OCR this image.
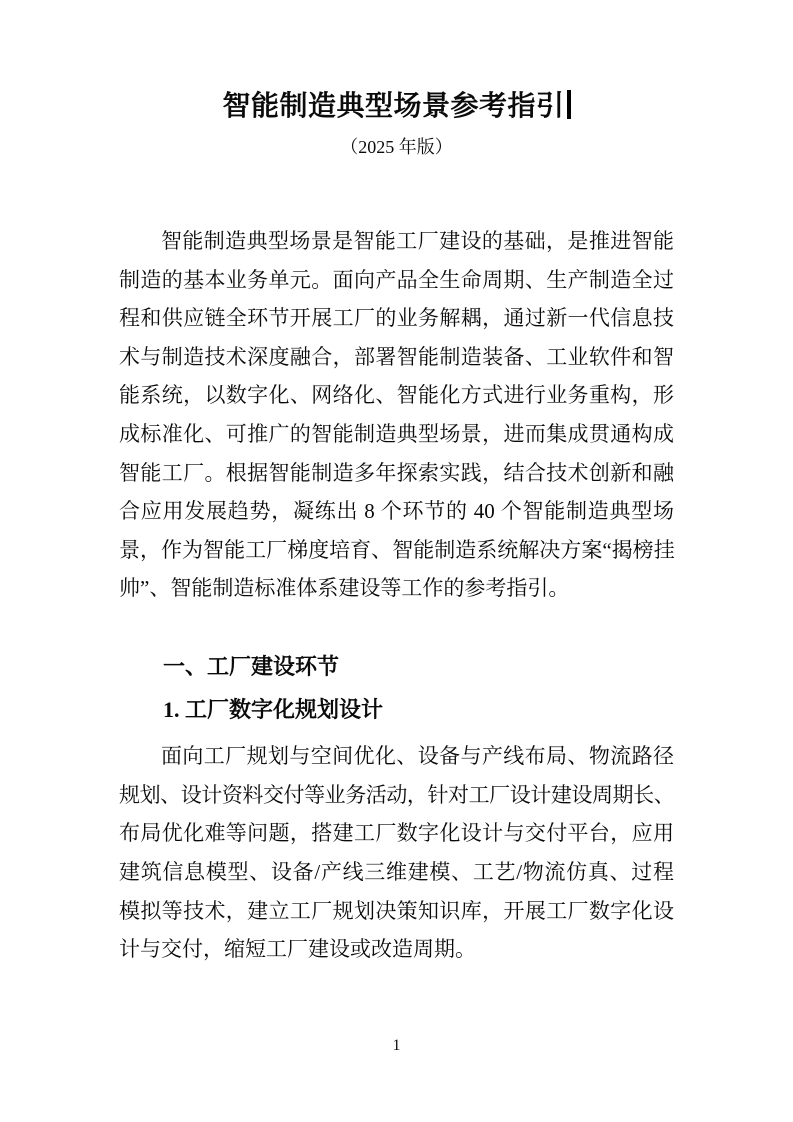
智能制造典型场景参考指引
（2025 年版）
智能制造典型场景是智能工厂建设的基础，是推进智能
制造的基本业务单元。面向产品全生命周期、生产制造全过
程和供应链全环节开展工厂的业务解耦，通过新一代信息技
术与制造技术深度融合，部署智能制造装备、工业软件和智
能系统，以数字化、网络化、智能化方式进行业务重构，形
成标准化、可推广的智能制造典型场景，进而集成贯通构成
智能工厂。根据智能制造多年探索实践，结合技术创新和融
合应用发展趋势，凝练出 8 个环节的 40 个智能制造典型场
景，作为智能工厂梯度培育、智能制造系统解决方案“揭榜挂
帅”、智能制造标准体系建设等工作的参考指引。
一、工厂建设环节
1. 工厂数字化规划设计
面向工厂规划与空间优化、设备与产线布局、物流路径
规划、设计资料交付等业务活动，针对工厂设计建设周期长、
布局优化难等问题，搭建工厂数字化设计与交付平台，应用
建筑信息模型、设备/产线三维建模、工艺/物流仿真、过程
模拟等技术，建立工厂规划决策知识库，开展工厂数字化设
计与交付，缩短工厂建设或改造周期。
1
